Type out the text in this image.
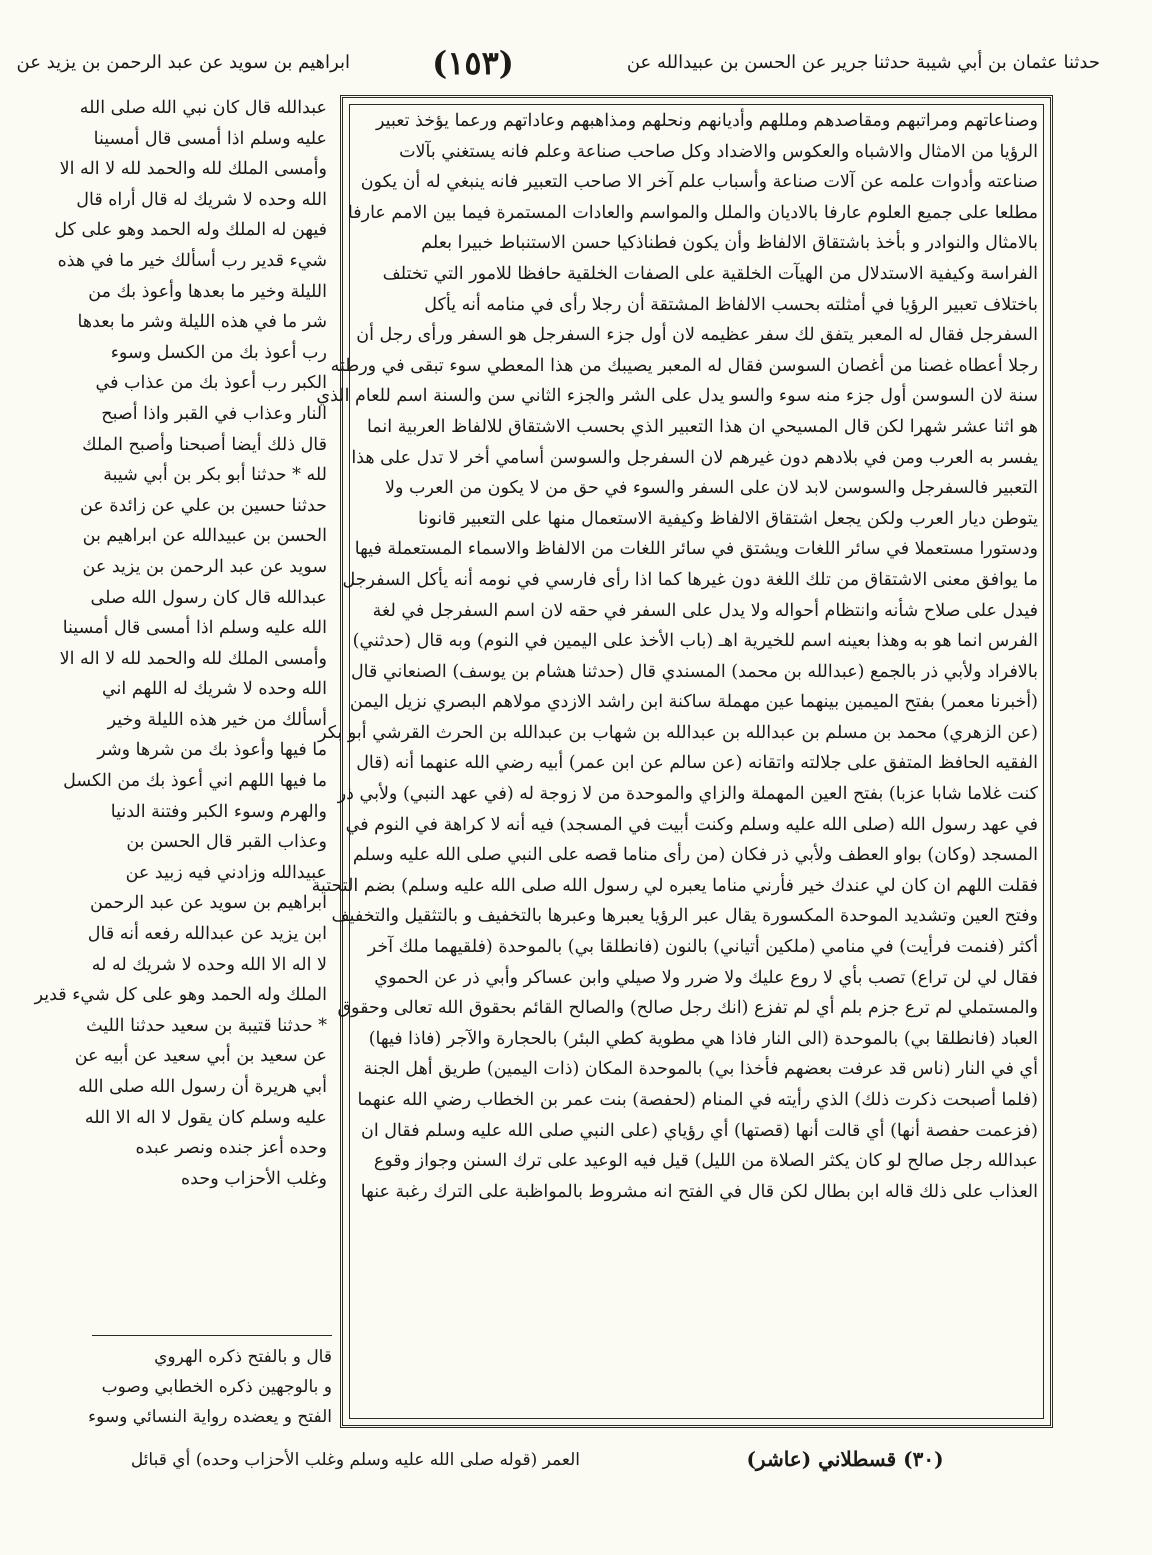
حدثنا عثمان بن أبي شيبة حدثنا جرير عن الحسن بن عبيدالله عن
(١٥٣)
ابراهيم بن سويد عن عبد الرحمن بن يزيد عن
وصناعاتهم ومراتبهم ومقاصدهم ومللهم وأديانهم ونحلهم ومذاهبهم وعاداتهم ورعما يؤخذ تعبير
الرؤيا من الامثال والاشباه والعكوس والاضداد وكل صاحب صناعة وعلم فانه يستغني بآلات
صناعته وأدوات علمه عن آلات صناعة وأسباب علم آخر الا صاحب التعبير فانه ينبغي له أن يكون
مطلعا على جميع العلوم عارفا بالاديان والملل والمواسم والعادات المستمرة فيما بين الامم عارفا
بالامثال والنوادر و بأخذ باشتقاق الالفاظ وأن يكون فطناذكيا حسن الاستنباط خبيرا بعلم
الفراسة وكيفية الاستدلال من الهيآت الخلقية على الصفات الخلقية حافظا للامور التي تختلف
باختلاف تعبير الرؤيا في أمثلته بحسب الالفاظ المشتقة أن رجلا رأى في منامه أنه يأكل
السفرجل فقال له المعبر يتفق لك سفر عظيمه لان أول جزء السفرجل هو السفر ورأى رجل أن
رجلا أعطاه غصنا من أغصان السوسن فقال له المعبر يصيبك من هذا المعطي سوء تبقى في ورطته
سنة لان السوسن أول جزء منه سوء والسو يدل على الشر والجزء الثاني سن والسنة اسم للعام الذي
هو اثنا عشر شهرا لكن قال المسيحي ان هذا التعبير الذي بحسب الاشتقاق للالفاظ العربية انما
يفسر به العرب ومن في بلادهم دون غيرهم لان السفرجل والسوسن أسامي أخر لا تدل على هذا
التعبير فالسفرجل والسوسن لابد لان على السفر والسوء في حق من لا يكون من العرب ولا
يتوطن ديار العرب ولكن يجعل اشتقاق الالفاظ وكيفية الاستعمال منها على التعبير قانونا
ودستورا مستعملا في سائر اللغات ويشتق في سائر اللغات من الالفاظ والاسماء المستعملة فيها
ما يوافق معنى الاشتقاق من تلك اللغة دون غيرها كما اذا رأى فارسي في نومه أنه يأكل السفرجل
فيدل على صلاح شأنه وانتظام أحواله ولا يدل على السفر في حقه لان اسم السفرجل في لغة
الفرس انما هو به وهذا بعينه اسم للخيرية اهـ (باب الأخذ على اليمين في النوم) وبه قال (حدثني)
بالافراد ولأبي ذر بالجمع (عبدالله بن محمد) المسندي قال (حدثنا هشام بن يوسف) الصنعاني قال
(أخبرنا معمر) بفتح الميمين بينهما عين مهملة ساكنة ابن راشد الازدي مولاهم البصري نزيل اليمن
(عن الزهري) محمد بن مسلم بن عبدالله بن عبدالله بن شهاب بن عبدالله بن الحرث القرشي أبو بكر
الفقيه الحافظ المتفق على جلالته واتقانه (عن سالم عن ابن عمر) أبيه رضي الله عنهما أنه (قال
كنت غلاما شابا عزبا) بفتح العين المهملة والزاي والموحدة من لا زوجة له (في عهد النبي) ولأبي ذر
في عهد رسول الله (صلى الله عليه وسلم وكنت أبيت في المسجد) فيه أنه لا كراهة في النوم في
المسجد (وكان) بواو العطف ولأبي ذر فكان (من رأى مناما قصه على النبي صلى الله عليه وسلم
فقلت اللهم ان كان لي عندك خير فأرني مناما يعبره لي رسول الله صلى الله عليه وسلم) بضم التحتية
وفتح العين وتشديد الموحدة المكسورة يقال عبر الرؤيا يعبرها وعبرها بالتخفيف و بالتثقيل والتخفيف
أكثر (فنمت فرأيت) في منامي (ملكين أتياني) بالنون (فانطلقا بي) بالموحدة (فلقيهما ملك آخر
فقال لي لن تراع) تصب بأي لا روع عليك ولا ضرر ولا صيلي وابن عساكر وأبي ذر عن الحموي
والمستملي لم ترع جزم بلم أي لم تفزع (انك رجل صالح) والصالح القائم بحقوق الله تعالى وحقوق
العباد (فانطلقا بي) بالموحدة (الى النار فاذا هي مطوية كطي البئر) بالحجارة والآجر (فاذا فيها)
أي في النار (ناس قد عرفت بعضهم فأخذا بي) بالموحدة المكان (ذات اليمين) طريق أهل الجنة
(فلما أصبحت ذكرت ذلك) الذي رأيته في المنام (لحفصة) بنت عمر بن الخطاب رضي الله عنهما
(فزعمت حفصة أنها) أي قالت أنها (قصتها) أي رؤياي (على النبي صلى الله عليه وسلم فقال ان
عبدالله رجل صالح لو كان يكثر الصلاة من الليل) قيل فيه الوعيد على ترك السنن وجواز وقوع
العذاب على ذلك قاله ابن بطال لكن قال في الفتح انه مشروط بالمواظبة على الترك رغبة عنها
عبدالله قال كان نبي الله صلى الله
عليه وسلم اذا أمسى قال أمسينا
وأمسى الملك لله والحمد لله لا اله الا
الله وحده لا شريك له قال أراه قال
فيهن له الملك وله الحمد وهو على كل
شيء قدير رب أسألك خير ما في هذه
الليلة وخير ما بعدها وأعوذ بك من
شر ما في هذه الليلة وشر ما بعدها
رب أعوذ بك من الكسل وسوء
الكبر رب أعوذ بك من عذاب في
النار وعذاب في القبر واذا أصبح
قال ذلك أيضا أصبحنا وأصبح الملك
لله * حدثنا أبو بكر بن أبي شيبة
حدثنا حسين بن علي عن زائدة عن
الحسن بن عبيدالله عن ابراهيم بن
سويد عن عبد الرحمن بن يزيد عن
عبدالله قال كان رسول الله صلى
الله عليه وسلم اذا أمسى قال أمسينا
وأمسى الملك لله والحمد لله لا اله الا
الله وحده لا شريك له اللهم اني
أسألك من خير هذه الليلة وخير
ما فيها وأعوذ بك من شرها وشر
ما فيها اللهم اني أعوذ بك من الكسل
والهرم وسوء الكبر وفتنة الدنيا
وعذاب القبر قال الحسن بن
عبيدالله وزادني فيه زبيد عن
ابراهيم بن سويد عن عبد الرحمن
ابن يزيد عن عبدالله رفعه أنه قال
لا اله الا الله وحده لا شريك له له
الملك وله الحمد وهو على كل شيء قدير
* حدثنا قتيبة بن سعيد حدثنا الليث
عن سعيد بن أبي سعيد عن أبيه عن
أبي هريرة أن رسول الله صلى الله
عليه وسلم كان يقول لا اله الا الله
وحده أعز جنده ونصر عبده
وغلب الأحزاب وحده
قال و بالفتح ذكره الهروي
و بالوجهين ذكره الخطابي وصوب
الفتح و يعضده رواية النسائي وسوء
العمر (قوله صلى الله عليه وسلم وغلب الأحزاب وحده) أي قبائل	(٣٠) قسطلاني (عاشر)
